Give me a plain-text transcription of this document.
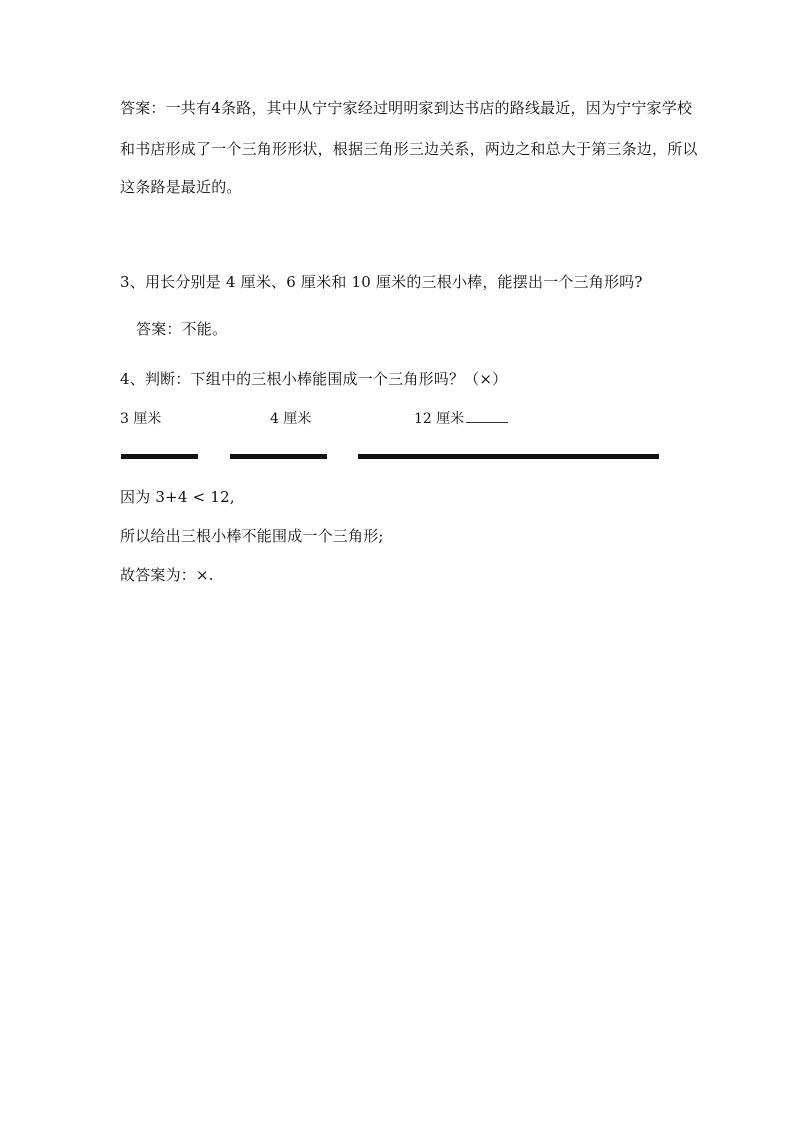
答案：一共有4条路，其中从宁宁家经过明明家到达书店的路线最近，因为宁宁家学校
和书店形成了一个三角形形状，根据三角形三边关系，两边之和总大于第三条边，所以
这条路是最近的。
3、用长分别是 4 厘米、6 厘米和 10 厘米的三根小棒，能摆出一个三角形吗?
答案：不能。
4、判断：下组中的三根小棒能围成一个三角形吗？（×）
3 厘米	4 厘米	12 厘米
因为 3+4 < 12,
所以给出三根小棒不能围成一个三角形;
故答案为：×.
